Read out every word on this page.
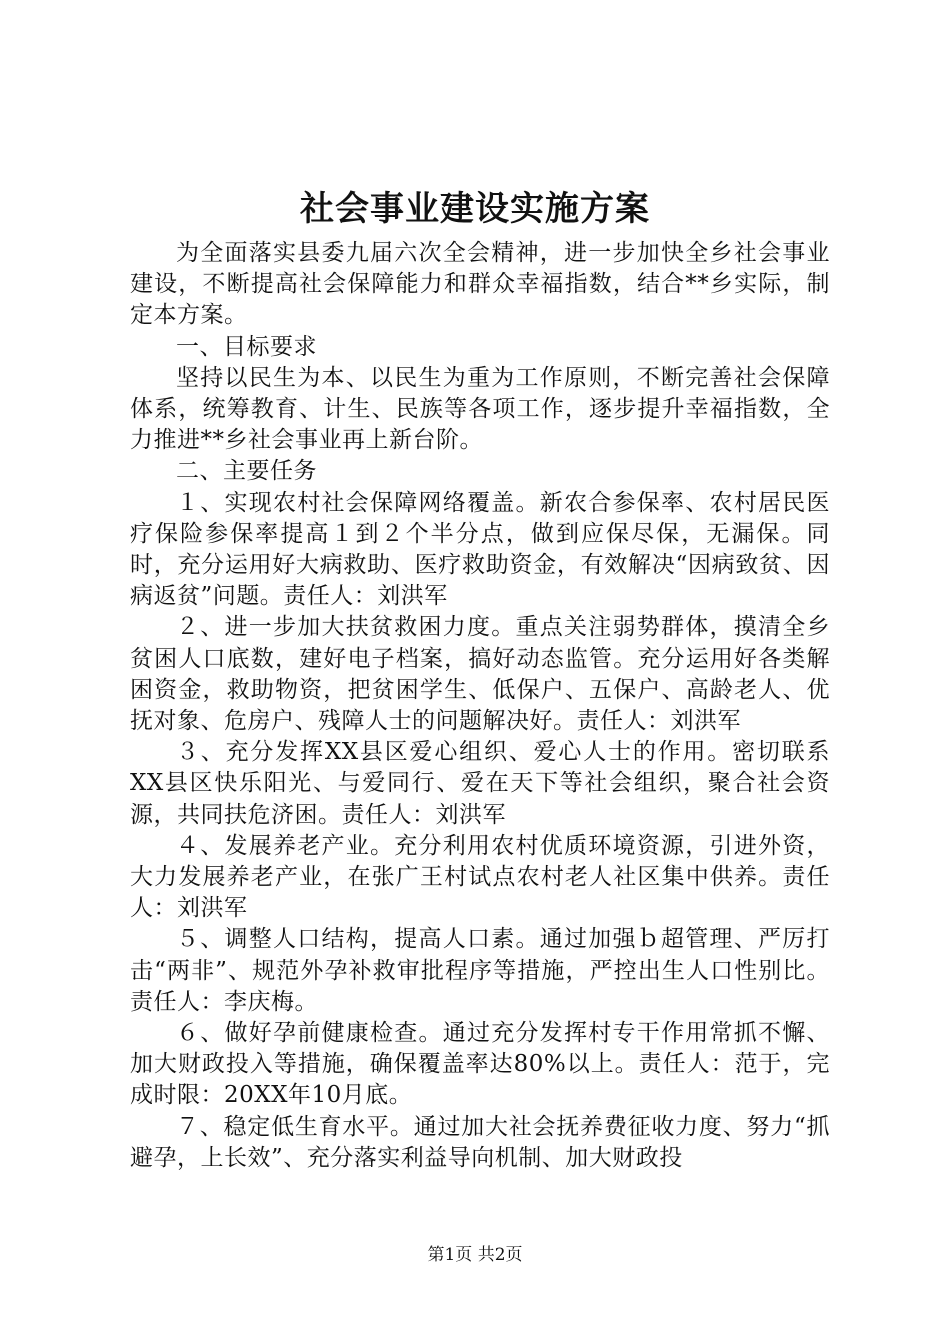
社会事业建设实施方案

为全面落实县委九届六次全会精神，进一步加快全乡社会事业建设，不断提高社会保障能力和群众幸福指数，结合**乡实际，制定本方案。

一、目标要求

坚持以民生为本、以民生为重为工作原则，不断完善社会保障体系，统筹教育、计生、民族等各项工作，逐步提升幸福指数，全力推进**乡社会事业再上新台阶。

二、主要任务

１、实现农村社会保障网络覆盖。新农合参保率、农村居民医疗保险参保率提高１到２个半分点，做到应保尽保，无漏保。同时，充分运用好大病救助、医疗救助资金，有效解决“因病致贫、因病返贫”问题。责任人：刘洪军

２、进一步加大扶贫救困力度。重点关注弱势群体，摸清全乡贫困人口底数，建好电子档案，搞好动态监管。充分运用好各类解困资金，救助物资，把贫困学生、低保户、五保户、高龄老人、优抚对象、危房户、残障人士的问题解决好。责任人：刘洪军

３、充分发挥XX县区爱心组织、爱心人士的作用。密切联系XX县区快乐阳光、与爱同行、爱在天下等社会组织，聚合社会资源，共同扶危济困。责任人：刘洪军

４、发展养老产业。充分利用农村优质环境资源，引进外资，大力发展养老产业，在张广王村试点农村老人社区集中供养。责任人：刘洪军

５、调整人口结构，提高人口素。通过加强ｂ超管理、严厉打击“两非”、规范外孕补救审批程序等措施，严控出生人口性别比。责任人：李庆梅。

６、做好孕前健康检查。通过充分发挥村专干作用常抓不懈、加大财政投入等措施，确保覆盖率达80%以上。责任人：范于，完成时限：20XX年10月底。

７、稳定低生育水平。通过加大社会抚养费征收力度、努力“抓避孕，上长效”、充分落实利益导向机制、加大财政投

第1页 共2页
